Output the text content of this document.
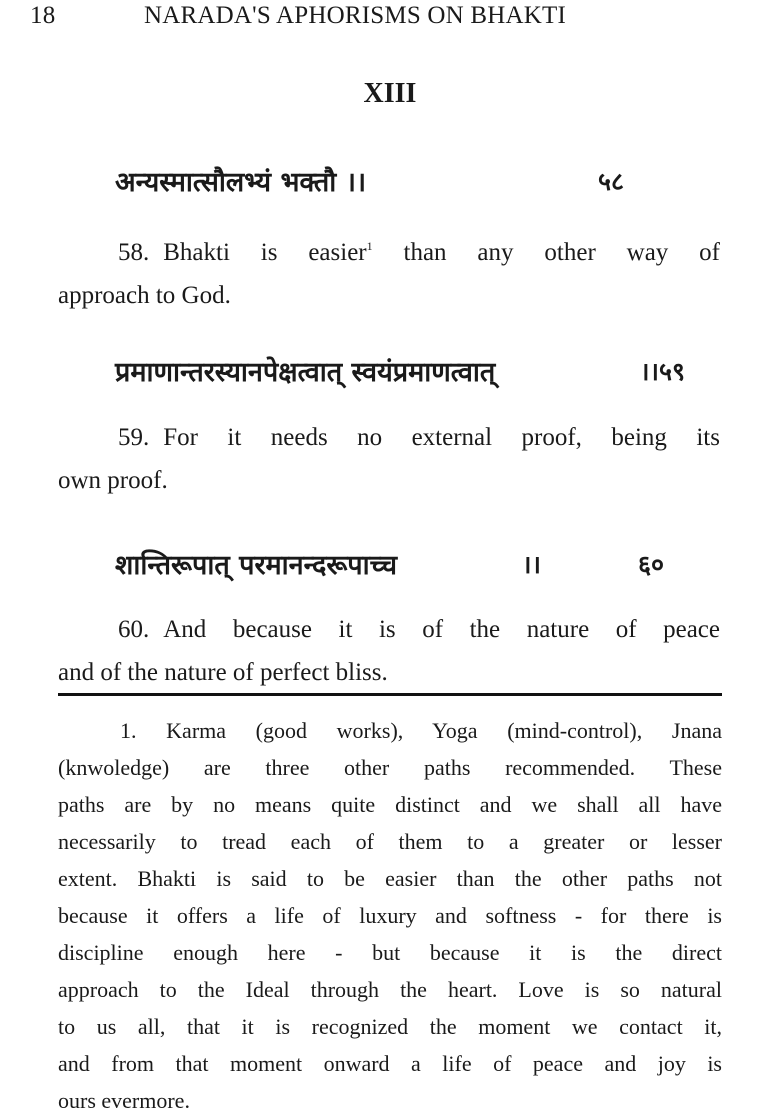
18	NARADA'S APHORISMS ON BHAKTI
XIII
अन्यस्मात्सौलभ्यं भक्तौ ।।	५८
58. Bhakti is easier$^1$ than any other way of
approach to God.
प्रमाणान्तरस्यानपेक्षत्वात् स्वयंप्रमाणत्वात्	।।५९
59. For it needs no external proof, being its
own proof.
शान्तिरूपात् परमानन्दरूपाच्च	।।	६०
60. And because it is of the nature of peace
and of the nature of perfect bliss.
1. Karma (good works), Yoga (mind-control), Jnana
(knwoledge) are three other paths recommended. These
paths are by no means quite distinct and we shall all have
necessarily to tread each of them to a greater or lesser
extent. Bhakti is said to be easier than the other paths not
because it offers a life of luxury and softness - for there is
discipline enough here - but because it is the direct
approach to the Ideal through the heart. Love is so natural
to us all, that it is recognized the moment we contact it,
and from that moment onward a life of peace and joy is
ours evermore.
